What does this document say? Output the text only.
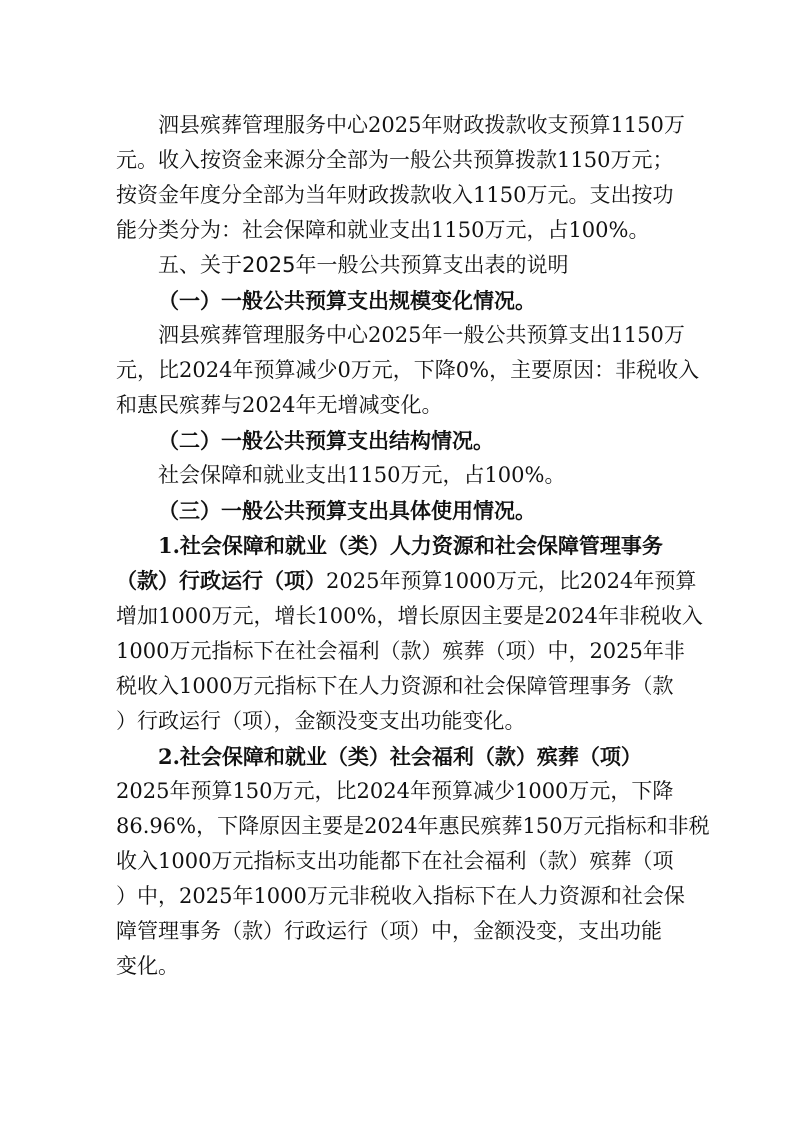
泗县殡葬管理服务中心2025年财政拨款收支预算1150万
元。收入按资金来源分全部为一般公共预算拨款1150万元；
按资金年度分全部为当年财政拨款收入1150万元。支出按功
能分类分为：社会保障和就业支出1150万元，占100%。
五、关于2025年一般公共预算支出表的说明
（一）一般公共预算支出规模变化情况。
泗县殡葬管理服务中心2025年一般公共预算支出1150万
元，比2024年预算减少0万元，下降0%，主要原因：非税收入
和惠民殡葬与2024年无增减变化。
（二）一般公共预算支出结构情况。
社会保障和就业支出1150万元，占100%。
（三）一般公共预算支出具体使用情况。
1.社会保障和就业（类）人力资源和社会保障管理事务
（款）行政运行（项）2025年预算1000万元，比2024年预算
增加1000万元，增长100%，增长原因主要是2024年非税收入
1000万元指标下在社会福利（款）殡葬（项）中，2025年非
税收入1000万元指标下在人力资源和社会保障管理事务（款
）行政运行（项），金额没变支出功能变化。
2.社会保障和就业（类）社会福利（款）殡葬（项）
2025年预算150万元，比2024年预算减少1000万元，下降
86.96%，下降原因主要是2024年惠民殡葬150万元指标和非税
收入1000万元指标支出功能都下在社会福利（款）殡葬（项
）中，2025年1000万元非税收入指标下在人力资源和社会保
障管理事务（款）行政运行（项）中，金额没变，支出功能
变化。
